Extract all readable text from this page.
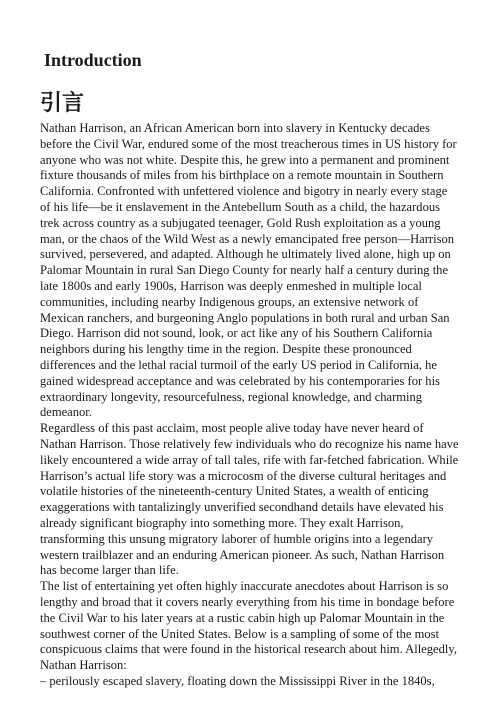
Introduction
引言

Nathan Harrison, an African American born into slavery in Kentucky decades
before the Civil War, endured some of the most treacherous times in US history for
anyone who was not white. Despite this, he grew into a permanent and prominent
fixture thousands of miles from his birthplace on a remote mountain in Southern
California. Confronted with unfettered violence and bigotry in nearly every stage
of his life—be it enslavement in the Antebellum South as a child, the hazardous
trek across country as a subjugated teenager, Gold Rush exploitation as a young
man, or the chaos of the Wild West as a newly emancipated free person—Harrison
survived, persevered, and adapted. Although he ultimately lived alone, high up on
Palomar Mountain in rural San Diego County for nearly half a century during the
late 1800s and early 1900s, Harrison was deeply enmeshed in multiple local
communities, including nearby Indigenous groups, an extensive network of
Mexican ranchers, and burgeoning Anglo populations in both rural and urban San
Diego. Harrison did not sound, look, or act like any of his Southern California
neighbors during his lengthy time in the region. Despite these pronounced
differences and the lethal racial turmoil of the early US period in California, he
gained widespread acceptance and was celebrated by his contemporaries for his
extraordinary longevity, resourcefulness, regional knowledge, and charming
demeanor.

Regardless of this past acclaim, most people alive today have never heard of
Nathan Harrison. Those relatively few individuals who do recognize his name have
likely encountered a wide array of tall tales, rife with far-fetched fabrication. While
Harrison’s actual life story was a microcosm of the diverse cultural heritages and
volatile histories of the nineteenth-century United States, a wealth of enticing
exaggerations with tantalizingly unverified secondhand details have elevated his
already significant biography into something more. They exalt Harrison,
transforming this unsung migratory laborer of humble origins into a legendary
western trailblazer and an enduring American pioneer. As such, Nathan Harrison
has become larger than life.

The list of entertaining yet often highly inaccurate anecdotes about Harrison is so
lengthy and broad that it covers nearly everything from his time in bondage before
the Civil War to his later years at a rustic cabin high up Palomar Mountain in the
southwest corner of the United States. Below is a sampling of some of the most
conspicuous claims that were found in the historical research about him. Allegedly,
Nathan Harrison:

– perilously escaped slavery, floating down the Mississippi River in the 1840s,
